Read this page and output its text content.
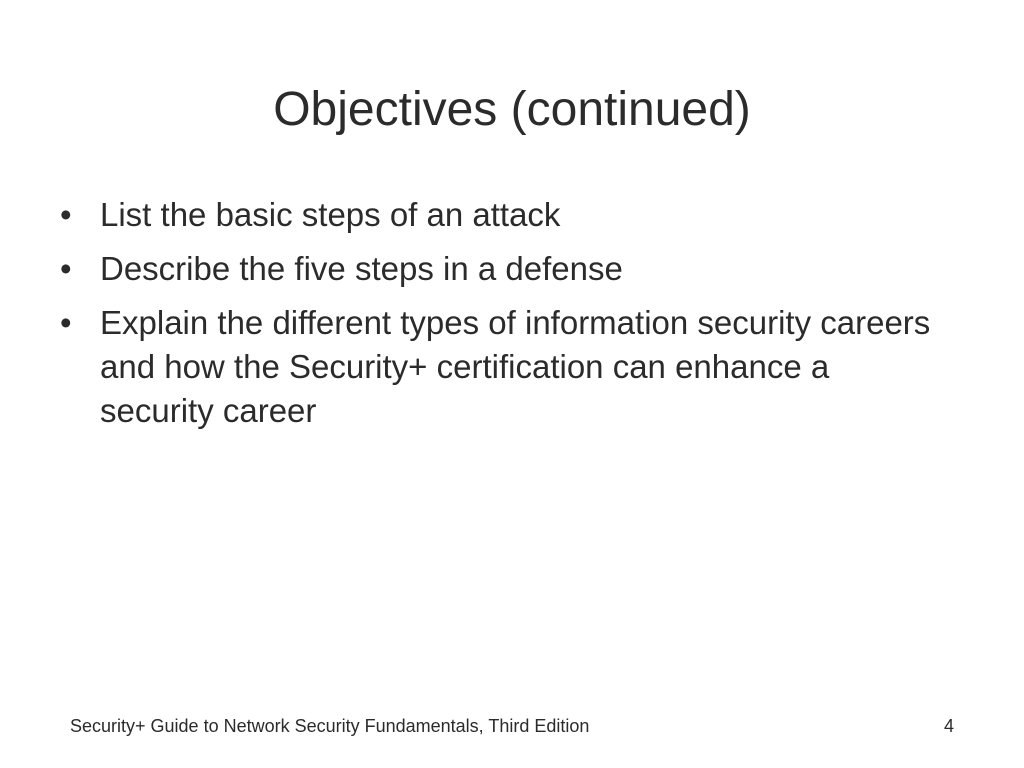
Objectives (continued)
• List the basic steps of an attack
• Describe the five steps in a defense
• Explain the different types of information security careers and how the Security+ certification can enhance a security career
Security+ Guide to Network Security Fundamentals, Third Edition	4
